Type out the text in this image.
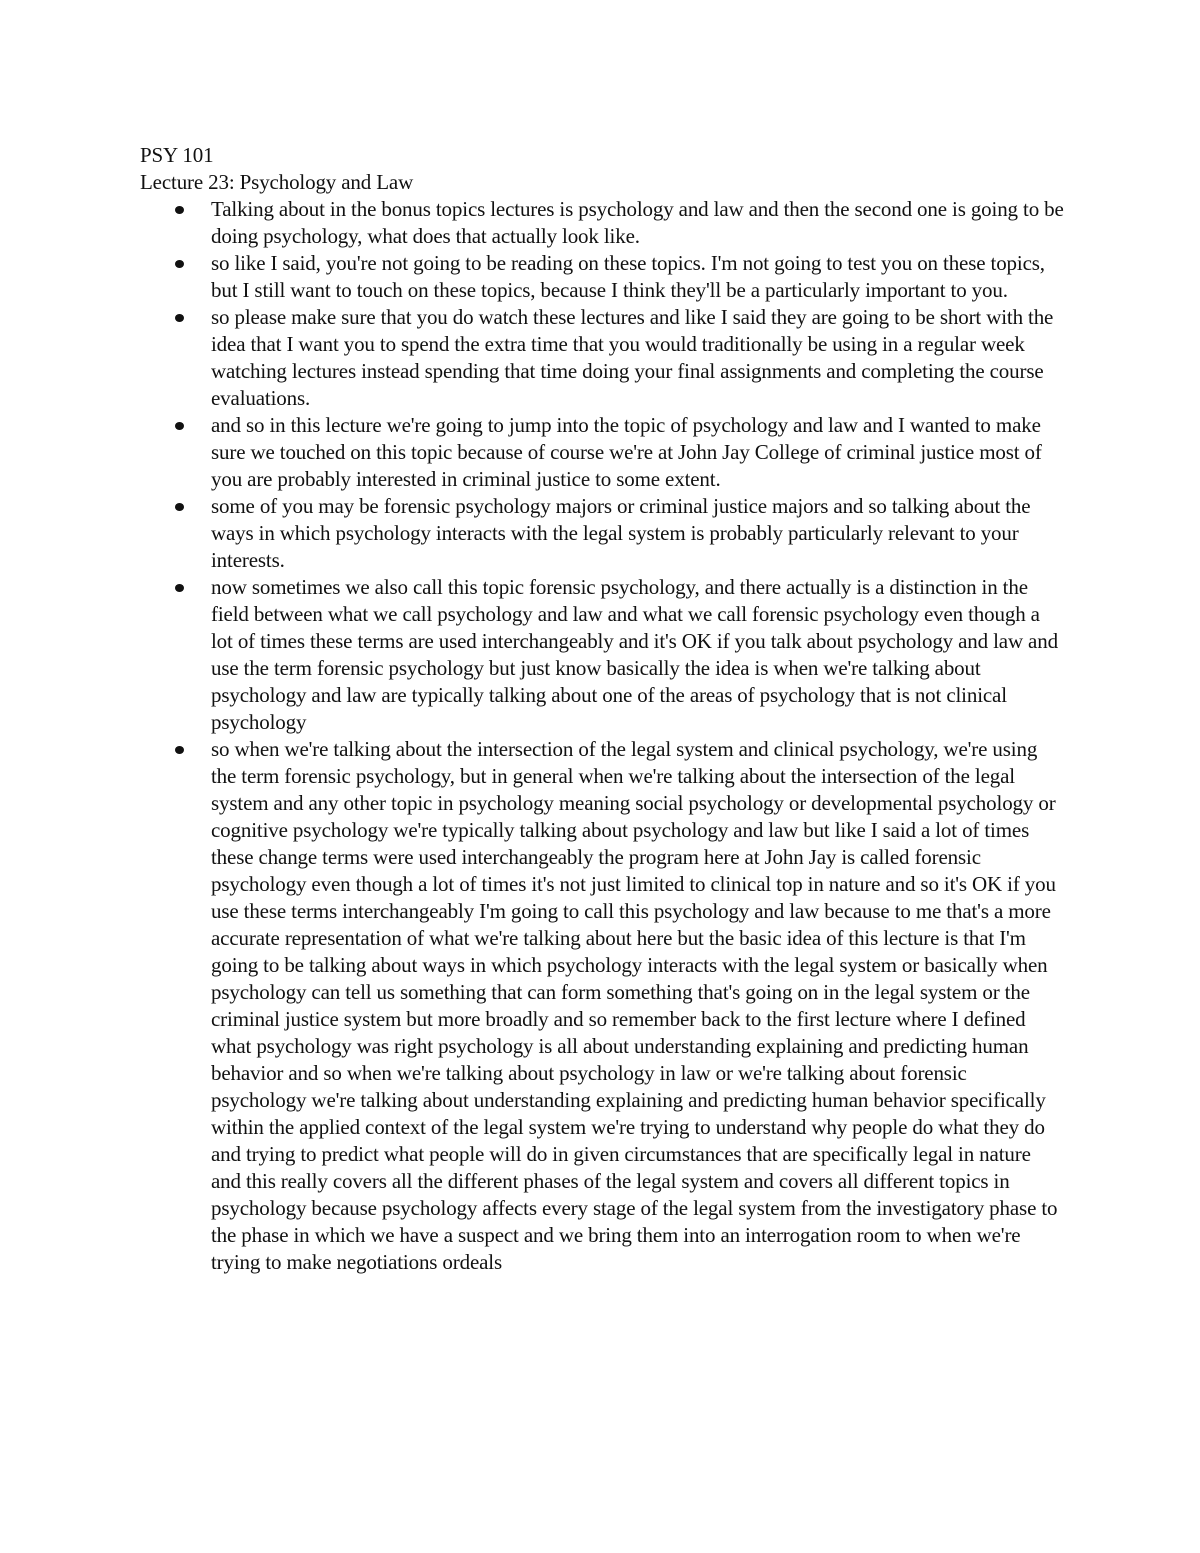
PSY 101
Lecture 23: Psychology and Law
Talking about in the bonus topics lectures is psychology and law and then the second one is going to be doing psychology, what does that actually look like.
so like I said, you're not going to be reading on these topics. I'm not going to test you on these topics, but I still want to touch on these topics, because I think they'll be a particularly important to you.
so please make sure that you do watch these lectures and like I said they are going to be short with the idea that I want you to spend the extra time that you would traditionally be using in a regular week watching lectures instead spending that time doing your final assignments and completing the course evaluations.
and so in this lecture we're going to jump into the topic of psychology and law and I wanted to make sure we touched on this topic because of course we're at John Jay College of criminal justice most of you are probably interested in criminal justice to some extent.
some of you may be forensic psychology majors or criminal justice majors and so talking about the ways in which psychology interacts with the legal system is probably particularly relevant to your interests.
now sometimes we also call this topic forensic psychology, and there actually is a distinction in the field between what we call psychology and law and what we call forensic psychology even though a lot of times these terms are used interchangeably and it's OK if you talk about psychology and law and use the term forensic psychology but just know basically the idea is when we're talking about psychology and law are typically talking about one of the areas of psychology that is not clinical psychology
so when we're talking about the intersection of the legal system and clinical psychology, we're using the term forensic psychology, but in general when we're talking about the intersection of the legal system and any other topic in psychology meaning social psychology or developmental psychology or cognitive psychology we're typically talking about psychology and law but like I said a lot of times these change terms were used interchangeably the program here at John Jay is called forensic psychology even though a lot of times it's not just limited to clinical top in nature and so it's OK if you use these terms interchangeably I'm going to call this psychology and law because to me that's a more accurate representation of what we're talking about here but the basic idea of this lecture is that I'm going to be talking about ways in which psychology interacts with the legal system or basically when psychology can tell us something that can form something that's going on in the legal system or the criminal justice system but more broadly and so remember back to the first lecture where I defined what psychology was right psychology is all about understanding explaining and predicting human behavior and so when we're talking about psychology in law or we're talking about forensic psychology we're talking about understanding explaining and predicting human behavior specifically within the applied context of the legal system we're trying to understand why people do what they do and trying to predict what people will do in given circumstances that are specifically legal in nature and this really covers all the different phases of the legal system and covers all different topics in psychology because psychology affects every stage of the legal system from the investigatory phase to the phase in which we have a suspect and we bring them into an interrogation room to when we're trying to make negotiations ordeals
